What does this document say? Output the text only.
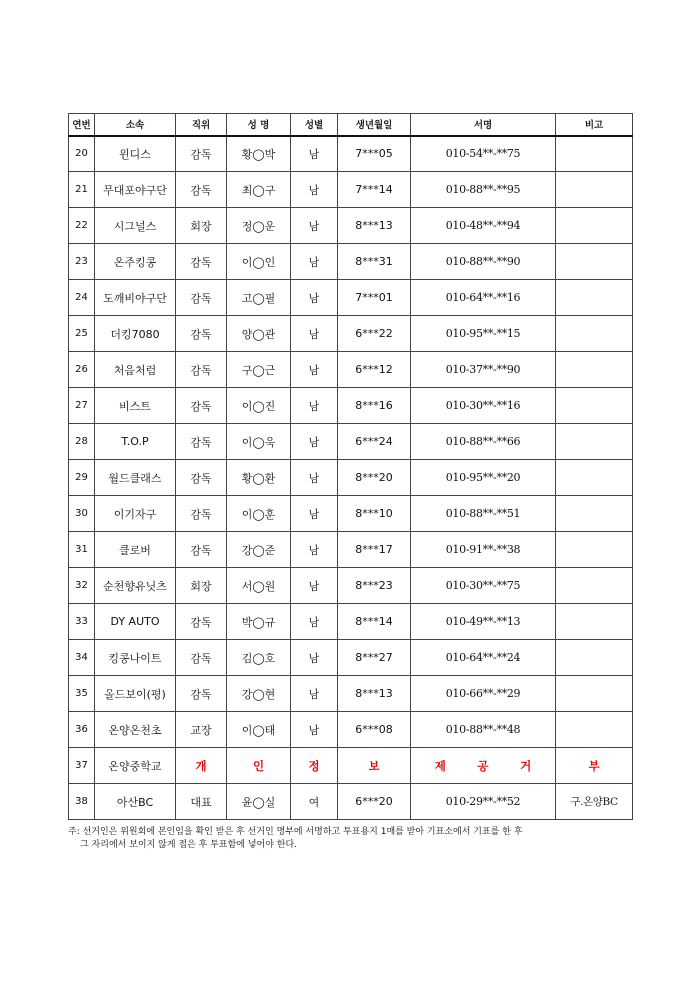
연번	소속	직위	성 명	성별	생년월일	서명	비고
20	윈디스	감독	황◯박	남	7***05	010-54**-**75	
21	무대포야구단	감독	최◯구	남	7***14	010-88**-**95	
22	시그널스	회장	정◯운	남	8***13	010-48**-**94	
23	온주킹콩	감독	이◯인	남	8***31	010-88**-**90	
24	도깨비야구단	감독	고◯필	남	7***01	010-64**-**16	
25	더킹7080	감독	양◯관	남	6***22	010-95**-**15	
26	처음처럼	감독	구◯근	남	6***12	010-37**-**90	
27	비스트	감독	이◯진	남	8***16	010-30**-**16	
28	T.O.P	감독	이◯욱	남	6***24	010-88**-**66	
29	월드클래스	감독	황◯환	남	8***20	010-95**-**20	
30	이기자구	감독	이◯훈	남	8***10	010-88**-**51	
31	클로버	감독	강◯준	남	8***17	010-91**-**38	
32	순천향유닛츠	회장	서◯원	남	8***23	010-30**-**75	
33	DY AUTO	감독	박◯규	남	8***14	010-49**-**13	
34	킹콩나이트	감독	김◯호	남	8***27	010-64**-**24	
35	올드보이(평)	감독	강◯현	남	8***13	010-66**-**29	
36	온양온천초	교장	이◯태	남	6***08	010-88**-**48	
37	온양중학교	개	인	정	보	제 공 거	부
38	아산BC	대표	윤◯실	여	6***20	010-29**-**52	구.온양BC
주: 선거인은 위원회에 본인임을 확인 받은 후 선거인 명부에 서명하고 투표용지 1매를 받아 기표소에서 기표를 한 후
그 자리에서 보이지 않게 접은 후 투표함에 넣어야 한다.
